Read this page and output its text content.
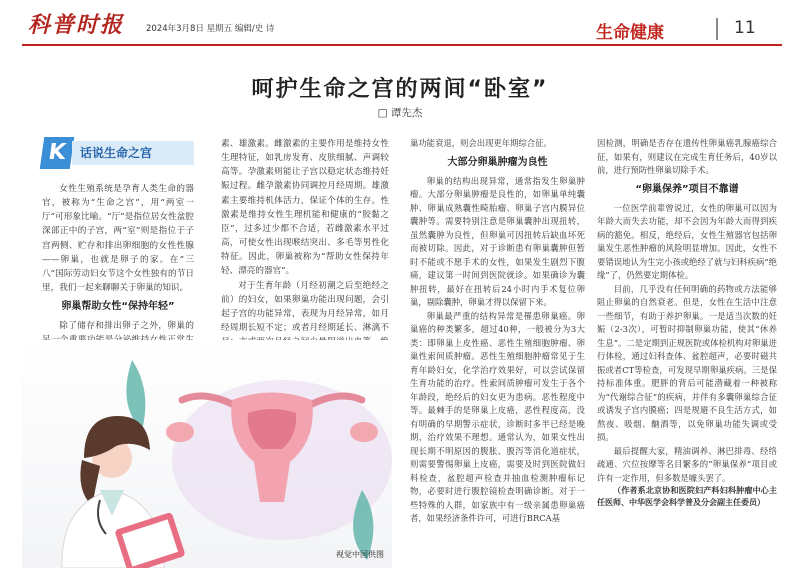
科普时报	2024年3月8日 星期五 编辑/史 诗	生命健康	11
呵护生命之宫的两间“卧室”
□ 谭先杰
K	话说生命之宫

女性生殖系统是孕育人类生命的器官，被称为“生命之宫”，用“两室一厅”可形象比喻。“厅”是指位居女性盆腔深部正中的子宫，两“室”则是指位于子宫两侧、贮存和排出卵细胞的女性性腺——卵巢，也就是卵子的家。在“三八”国际劳动妇女节这个女性独有的节日里，我们一起来聊聊关于卵巢的知识。

卵巢帮助女性“保持年轻”

除了储存和排出卵子之外，卵巢的

素、雄激素。雌激素的主要作用是维持女性生理特征，如乳房发育、皮肤细腻、声调较高等。孕激素则能让子宫以稳定状态维持妊娠过程。雌孕激素协同调控月经周期。雄激素主要维持机体活力，保证个体的生存。性激素是维持女性生理机能和健康的“胶黏之臣”，过多过少都不合适，若雌激素水平过高，可使女性出现喉结突出、多毛等男性化特征。因此，卵巢被称为“帮助女性保持年轻、漂亮的器官”。

对于生育年龄（月经初潮之后至绝经之前）的妇女，如果卵巢功能出现问题，会引起子宫的功能异常，表现为月经异常，如月经周期长短不定；或者月经期延长、淋漓不

巢功能衰退，则会出现更年期综合征。

大部分卵巢肿瘤为良性

卵巢的结构出现异常，通常指发生卵巢肿瘤。大部分卵巢肿瘤是良性的，如卵巢单纯囊肿、卵巢成熟囊性畸胎瘤、卵巢子宫内膜异位囊肿等。需要特别注意是卵巢囊肿出现扭转，虽然囊肿为良性，但卵巢可因扭转后缺血坏死而被切除。因此，对于诊断患有卵巢囊肿但暂时不能或不愿手术的女性，如果发生剧烈下腹痛，建议第一时间到医院就诊。如果确诊为囊肿扭转，最好在扭转后24小时内手术复位卵巢，剔除囊肿，卵巢才得以保留下来。

卵巢最严重的结构异常是罹患卵巢癌。卵巢癌的种类繁多，超过40种，一般被分为3大类：即卵巢上皮性癌、恶性生殖细胞肿瘤、卵巢性索间质肿瘤。恶性生殖细胞肿瘤常见于生育年龄妇女，化学治疗效果好，可以尝试保留生育功能的治疗。性索间质肿瘤可发生于各个年龄段，绝经后的妇女更为患病。恶性程度中等。最棘手的是卵巢上皮癌，恶性程度高，没有明确的早期警示症状，诊断时多半已经是晚期，治疗效果不理想。通常认为，如果女性出现长期不明原因的腹胀、腹泻等消化道症状，则需要警惕卵巢上皮癌，需要及时到医院做妇科检查，盆腔超声检查并抽血检测肿瘤标记物，必要时进行腹腔镜检查明确诊断。对于一些特殊的人群，如家族中有一级亲属患卵巢癌者，如果经济条件许可，可进行BRCA基

因检测，明确是否存在遗传性卵巢癌乳腺癌综合征，如果有，则建议在完成生育任务后，40岁以前，进行预防性卵巢切除手术。

“卵巢保养”项目不靠谱

一位医学前辈曾说过，女性的卵巢可以因为年龄大而失去功能，却不会因为年龄大而得到疾病的豁免。相反，绝经后，女性生殖器官包括卵巢发生恶性肿瘤的风险明显增加。因此，女性不要错误地认为生完小孩或绝经了就与妇科疾病“绝缘”了，仍然要定期体检。

目前，几乎没有任何明确的药物或方法能够阻止卵巢的自然衰老。但是，女性在生活中注意一些细节，有助于养护卵巢。一是适当次数的妊娠（2-3次），可暂时抑制卵巢功能，使其“休养生息”。二是定期到正规医院或体检机构对卵巢进行体检，通过妇科查体、盆腔超声，必要时磁共振或者CT等检查，可发现早期卵巢疾病。三是保持标准体重。肥胖的背后可能潜藏着一种被称为“代谢综合征”的疾病，并伴有多囊卵巢综合征或诱发子宫内膜癌；四是规避不良生活方式，如熬夜、吸烟、酗酒等，以免卵巢功能失调或受损。

最后提醒大家，精油调养、淋巴排毒、经络疏通、穴位按摩等名目繁多的“卵巢保养”项目或许有一定作用，但多数是噱头罢了。

（作者系北京协和医院妇产科妇科肿瘤中心主任医师、中华医学会科学普及分会副主任委员）

视觉中国供图
